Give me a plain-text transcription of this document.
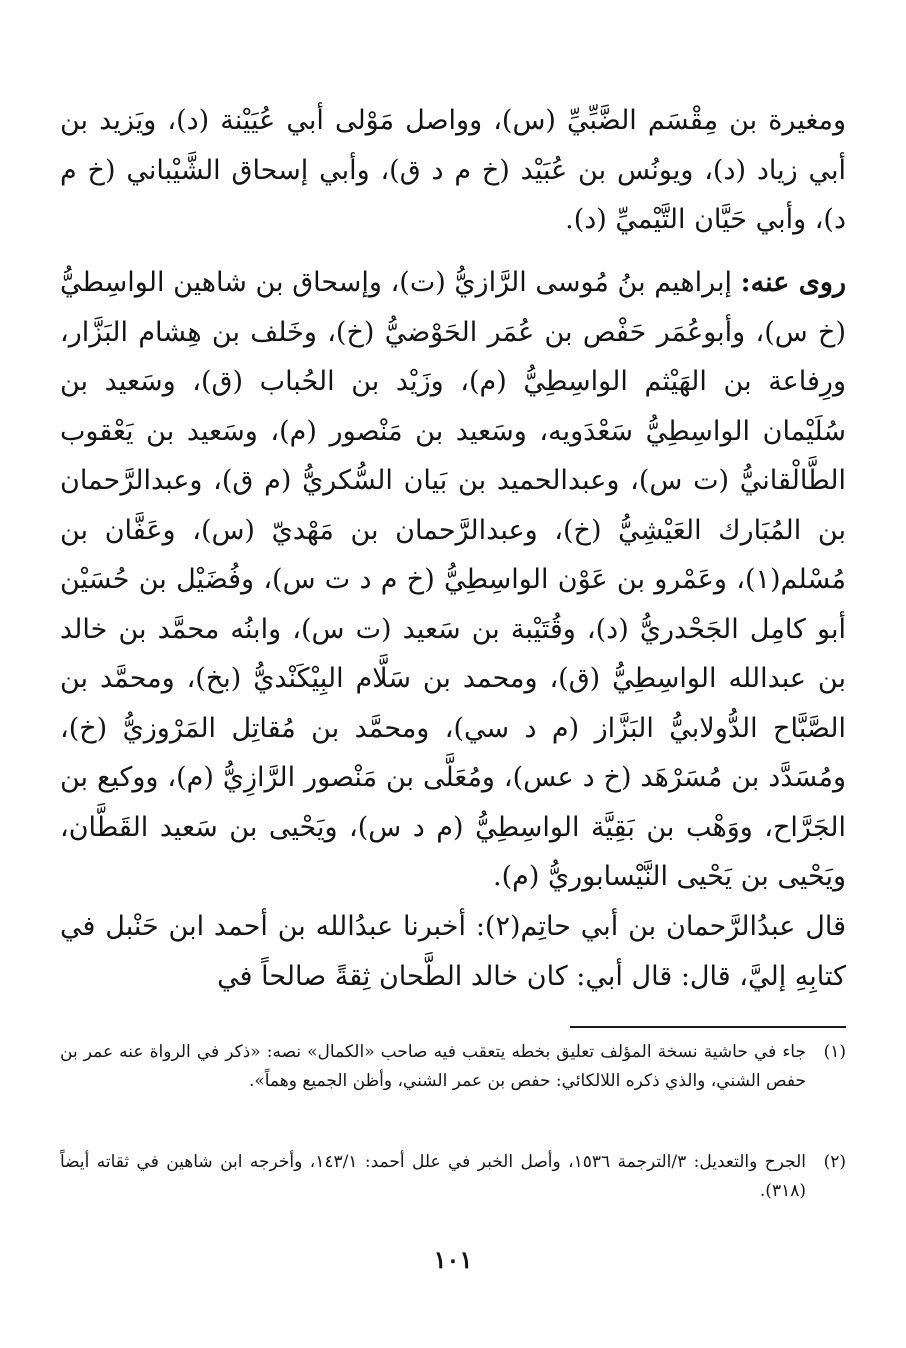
ومغيرة بن مِقْسَم الضَّبِّيِّ (س)، وواصل مَوْلى أبي عُيَيْنة (د)، ويَزيد بن أبي زياد (د)، ويونُس بن عُبَيْد (خ م د ق)، وأبي إسحاق الشَّيْباني (خ م د)، وأبي حَيَّان التَّيْميِّ (د).

روى عنه: إبراهيم بنُ مُوسى الرَّازيُّ (ت)، وإسحاق بن شاهين الواسِطيُّ (خ س)، وأبوعُمَر حَفْص بن عُمَر الحَوْضيُّ (خ)، وخَلف بن هِشام البَزَّار، ورِفاعة بن الهَيْثم الواسِطِيُّ (م)، وزَيْد بن الحُباب (ق)، وسَعيد بن سُلَيْمان الواسِطِيُّ سَعْدَويه، وسَعيد بن مَنْصور (م)، وسَعيد بن يَعْقوب الطَّالْقانيُّ (ت س)، وعبدالحميد بن بَيان السُّكريُّ (م ق)، وعبدالرَّحمان بن المُبَارك العَيْشِيُّ (خ)، وعبدالرَّحمان بن مَهْديّ (س)، وعَفَّان بن مُسْلم(١)، وعَمْرو بن عَوْن الواسِطِيُّ (خ م د ت س)، وفُضَيْل بن حُسَيْن أبو كامِل الجَحْدريُّ (د)، وقُتَيْبة بن سَعيد (ت س)، وابنُه محمَّد بن خالد بن عبدالله الواسِطِيُّ (ق)، ومحمد بن سَلَّام البِيْكَنْديُّ (بخ)، ومحمَّد بن الصَّبَّاح الدُّولابيُّ البَزَّاز (م د سي)، ومحمَّد بن مُقاتِل المَرْوزيُّ (خ)، ومُسَدَّد بن مُسَرْهَد (خ د عس)، ومُعَلَّى بن مَنْصور الرَّازِيُّ (م)، ووكيع بن الجَرَّاح، ووَهْب بن بَقِيَّة الواسِطِيُّ (م د س)، ويَحْيى بن سَعيد القَطَّان، ويَحْيى بن يَحْيى النَّيْسابوريُّ (م).

قال عبدُالرَّحمان بن أبي حاتِم(٢): أخبرنا عبدُالله بن أحمد ابن حَنْبل في كتابِهِ إليَّ، قال: قال أبي: كان خالد الطَّحان ثِقةً صالحاً في

(١)
جاء في حاشية نسخة المؤلف تعليق بخطه يتعقب فيه صاحب «الكمال» نصه: «ذكر في الرواة عنه عمر بن حفص الشني، والذي ذكره اللالكائي: حفص بن عمر الشني، وأظن الجميع وهماً».
(٢)
الجرح والتعديل: ٣/الترجمة ١٥٣٦، وأصل الخبر في علل أحمد: ١٤٣/١، وأخرجه ابن شاهين في ثقاته أيضاً (٣١٨).
١٠١
